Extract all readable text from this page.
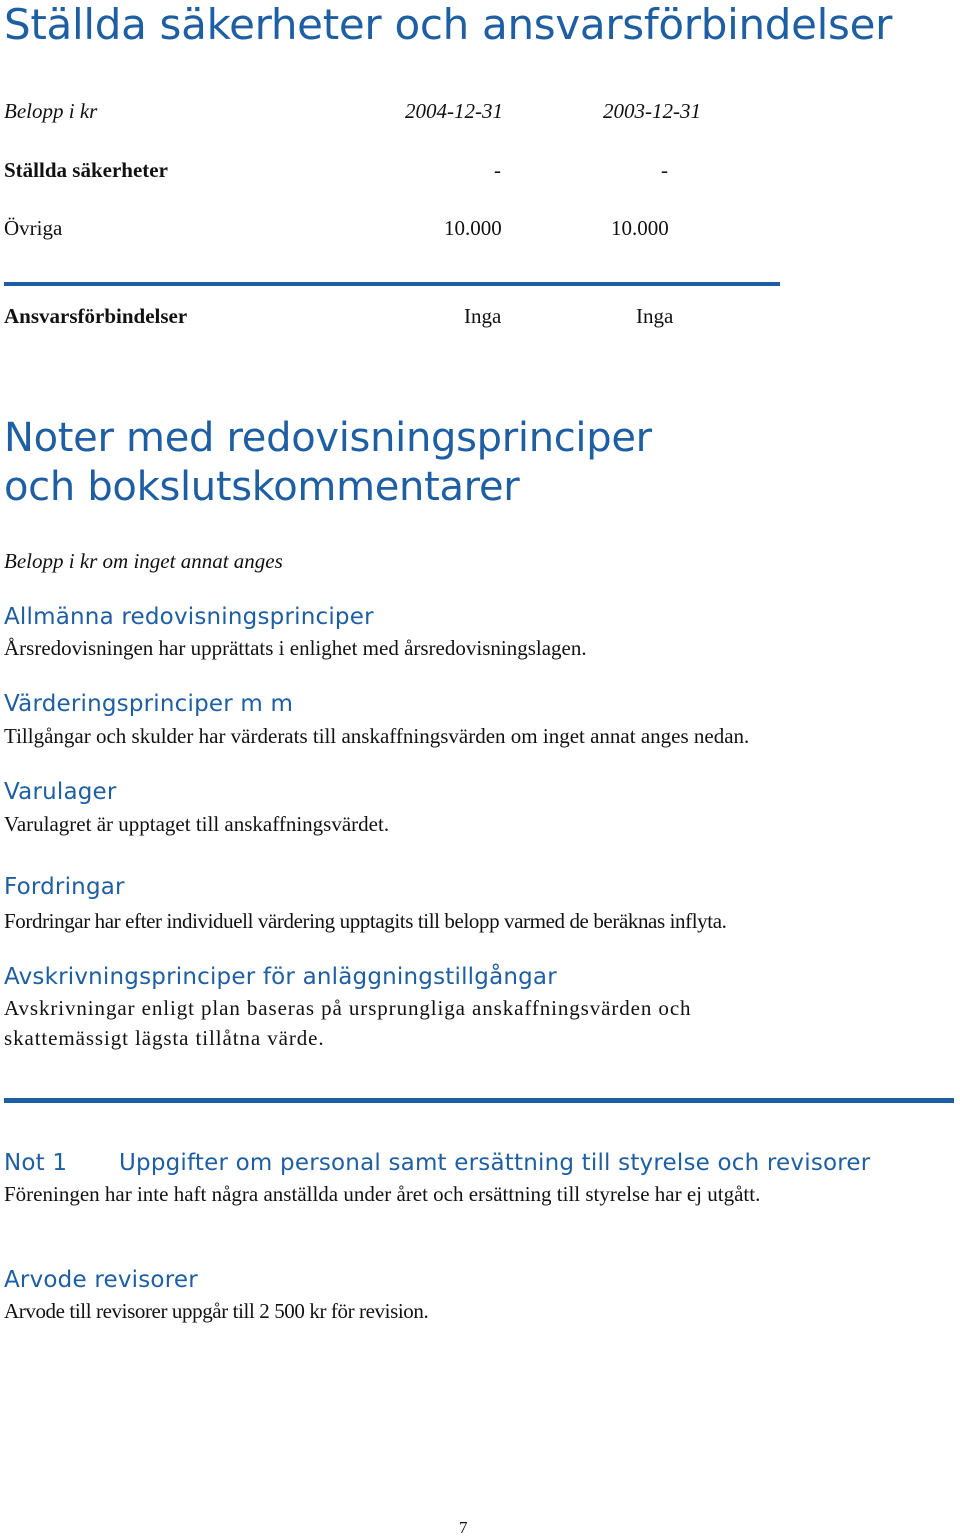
Ställda säkerheter och ansvarsförbindelser
Belopp i kr	2004-12-31	2003-12-31
Ställda säkerheter	-	-
Övriga	10.000	10.000
Ansvarsförbindelser	Inga	Inga
Noter med redovisningsprinciper
och bokslutskommentarer
Belopp i kr om inget annat anges
Allmänna redovisningsprinciper
Årsredovisningen har upprättats i enlighet med årsredovisningslagen.
Värderingsprinciper m m
Tillgångar och skulder har värderats till anskaffningsvärden om inget annat anges nedan.
Varulager
Varulagret är upptaget till anskaffningsvärdet.
Fordringar
Fordringar har efter individuell värdering upptagits till belopp varmed de beräknas inflyta.
Avskrivningsprinciper för anläggningstillgångar
Avskrivningar enligt plan baseras på ursprungliga anskaffningsvärden och
skattemässigt lägsta tillåtna värde.
Not 1 Uppgifter om personal samt ersättning till styrelse och revisorer
Föreningen har inte haft några anställda under året och ersättning till styrelse har ej utgått.
Arvode revisorer
Arvode till revisorer uppgår till 2 500 kr för revision.
7
